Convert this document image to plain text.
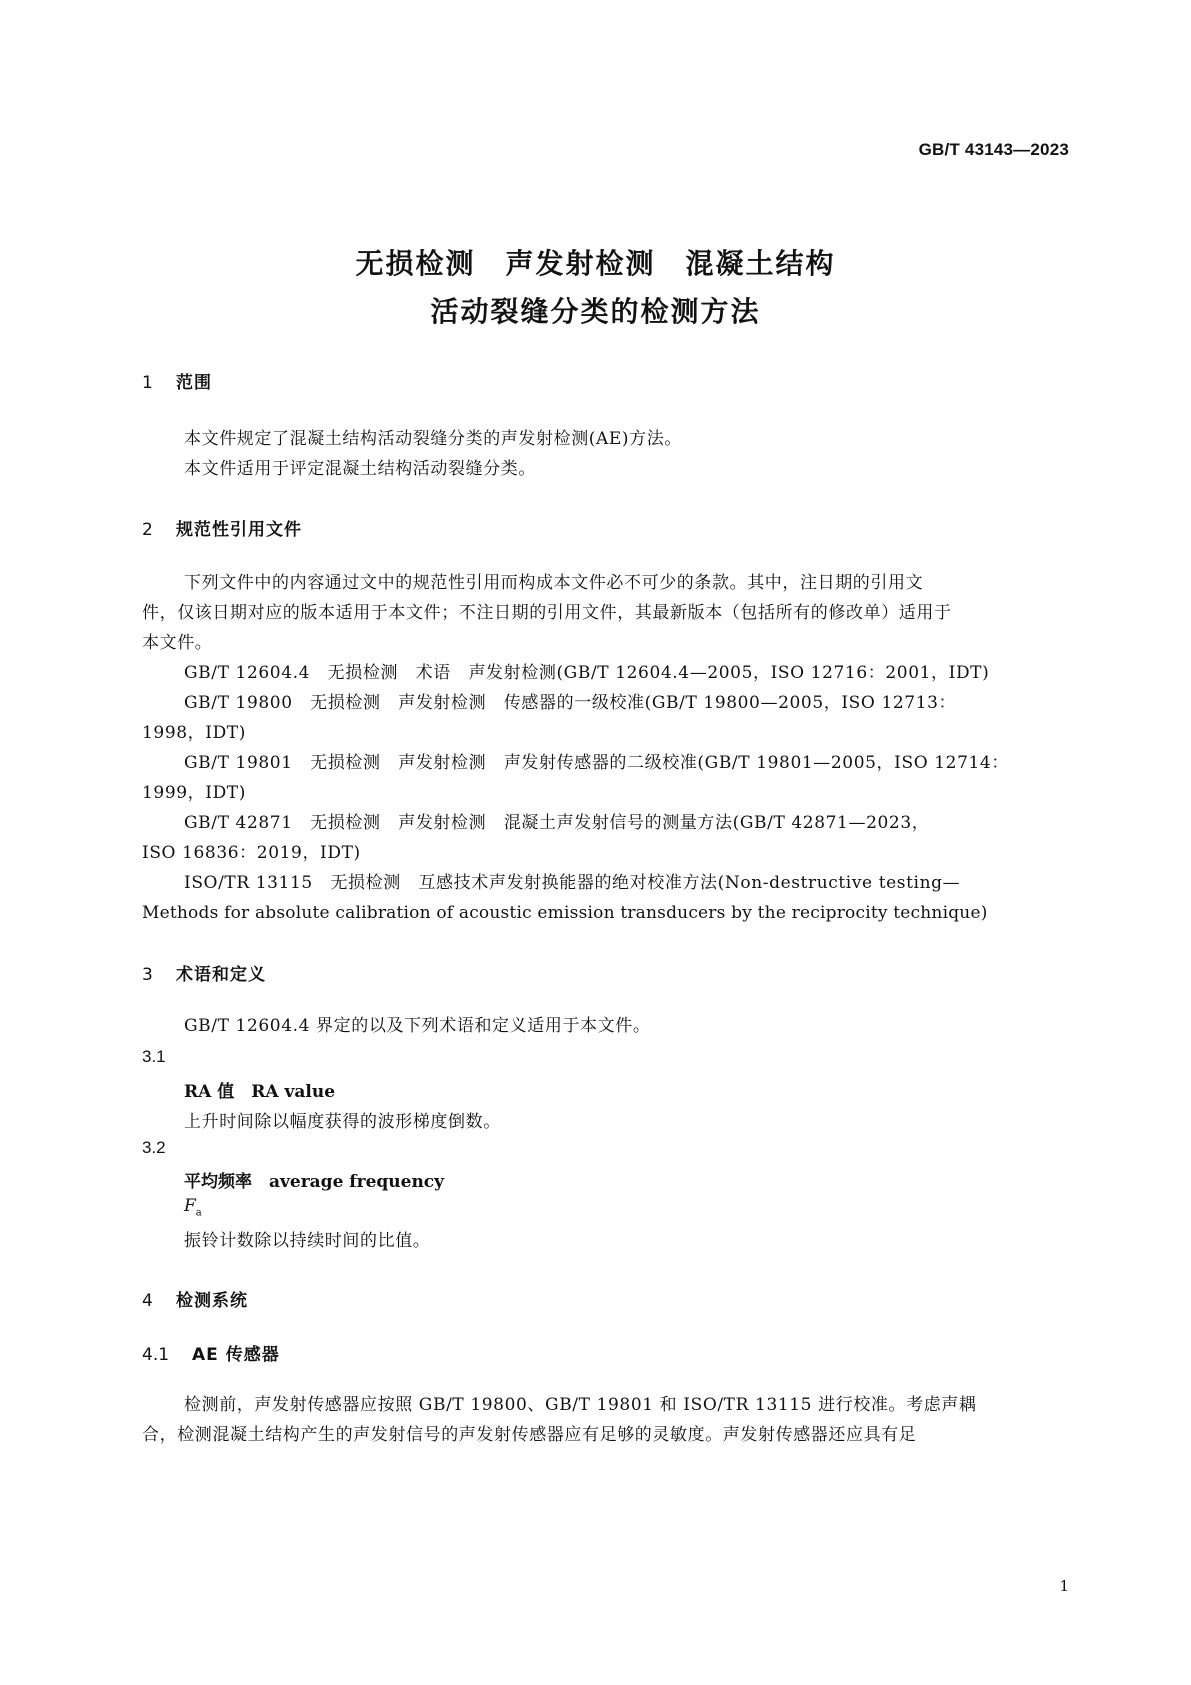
GB/T 43143—2023
无损检测　声发射检测　混凝土结构
活动裂缝分类的检测方法
1 范围
本文件规定了混凝土结构活动裂缝分类的声发射检测(AE)方法。
本文件适用于评定混凝土结构活动裂缝分类。
2 规范性引用文件
下列文件中的内容通过文中的规范性引用而构成本文件必不可少的条款。其中，注日期的引用文
件，仅该日期对应的版本适用于本文件；不注日期的引用文件，其最新版本（包括所有的修改单）适用于
本文件。
GB/T 12604.4　无损检测　术语　声发射检测(GB/T 12604.4—2005，ISO 12716：2001，IDT)
GB/T 19800　无损检测　声发射检测　传感器的一级校准(GB/T 19800—2005，ISO 12713：
1998，IDT)
GB/T 19801　无损检测　声发射检测　声发射传感器的二级校准(GB/T 19801—2005，ISO 12714：
1999，IDT)
GB/T 42871　无损检测　声发射检测　混凝土声发射信号的测量方法(GB/T 42871—2023，
ISO 16836：2019，IDT)
ISO/TR 13115　无损检测　互感技术声发射换能器的绝对校准方法(Non-destructive testing—
Methods for absolute calibration of acoustic emission transducers by the reciprocity technique)
3 术语和定义
GB/T 12604.4 界定的以及下列术语和定义适用于本文件。
3.1
RA 值　 RA value
上升时间除以幅度获得的波形梯度倒数。
3.2
平均频率　 average frequency
$F_a$
振铃计数除以持续时间的比值。
4 检测系统
4.1 AE 传感器
检测前，声发射传感器应按照 GB/T 19800、GB/T 19801 和 ISO/TR 13115 进行校准。考虑声耦
合，检测混凝土结构产生的声发射信号的声发射传感器应有足够的灵敏度。声发射传感器还应具有足
1
